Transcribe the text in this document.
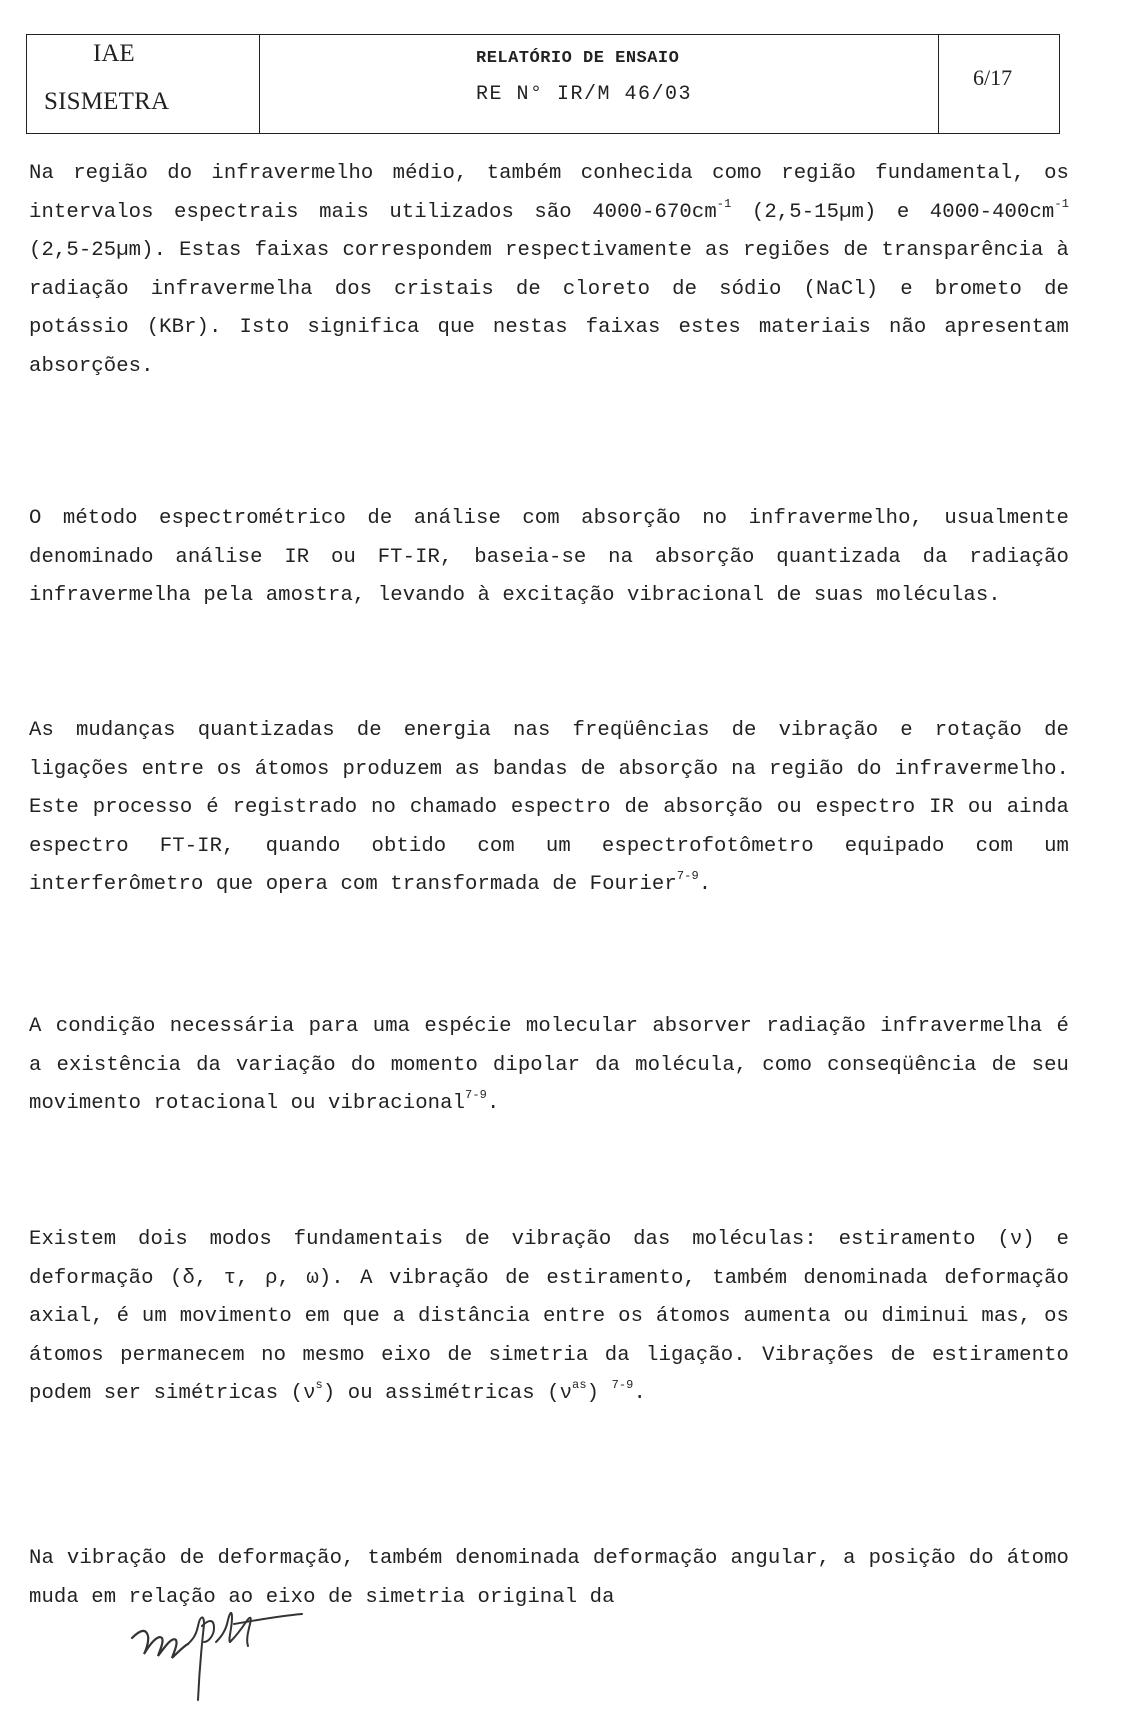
IAE
SISMETRA
RELATÓRIO DE ENSAIO
RE N° IR/M 46/03
6/17
Na região do infravermelho médio, também conhecida como região fundamental, os intervalos espectrais mais utilizados são $4000-670cm^{-1}$ (2,5-15µm) e $4000-400cm^{-1}$ (2,5-25µm). Estas faixas correspondem respectivamente as regiões de transparência à radiação infravermelha dos cristais de cloreto de sódio (NaCl) e brometo de potássio (KBr). Isto significa que nestas faixas estes materiais não apresentam absorções.
O método espectrométrico de análise com absorção no infravermelho, usualmente denominado análise IR ou FT-IR, baseia-se na absorção quantizada da radiação infravermelha pela amostra, levando à excitação vibracional de suas moléculas.
As mudanças quantizadas de energia nas freqüências de vibração e rotação de ligações entre os átomos produzem as bandas de absorção na região do infravermelho. Este processo é registrado no chamado espectro de absorção ou espectro IR ou ainda espectro FT-IR, quando obtido com um espectrofotômetro equipado com um interferômetro que opera com transformada de Fourier$^{7-9}$.
A condição necessária para uma espécie molecular absorver radiação infravermelha é a existência da variação do momento dipolar da molécula, como conseqüência de seu movimento rotacional ou vibracional$^{7-9}$.
Existem dois modos fundamentais de vibração das moléculas: estiramento (ν) e deformação (δ, τ, ρ, ω). A vibração de estiramento, também denominada deformação axial, é um movimento em que a distância entre os átomos aumenta ou diminui mas, os átomos permanecem no mesmo eixo de simetria da ligação. Vibrações de estiramento podem ser simétricas $(\nu^s)$ ou assimétricas $(\nu^{as})$ $^{7-9}$.
Na vibração de deformação, também denominada deformação angular, a posição do átomo muda em relação ao eixo de simetria original da
